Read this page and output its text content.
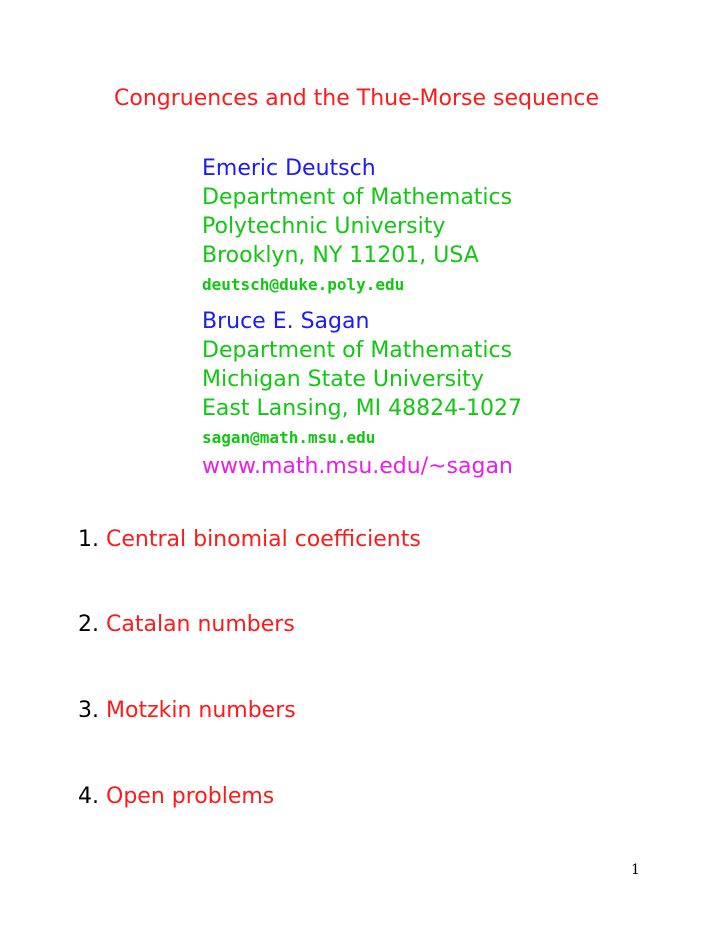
Congruences and the Thue-Morse sequence
Emeric Deutsch
Department of Mathematics
Polytechnic University
Brooklyn, NY 11201, USA
deutsch@duke.poly.edu
Bruce E. Sagan
Department of Mathematics
Michigan State University
East Lansing, MI 48824-1027
sagan@math.msu.edu
www.math.msu.edu/~sagan
1. Central binomial coefficients
2. Catalan numbers
3. Motzkin numbers
4. Open problems
1
